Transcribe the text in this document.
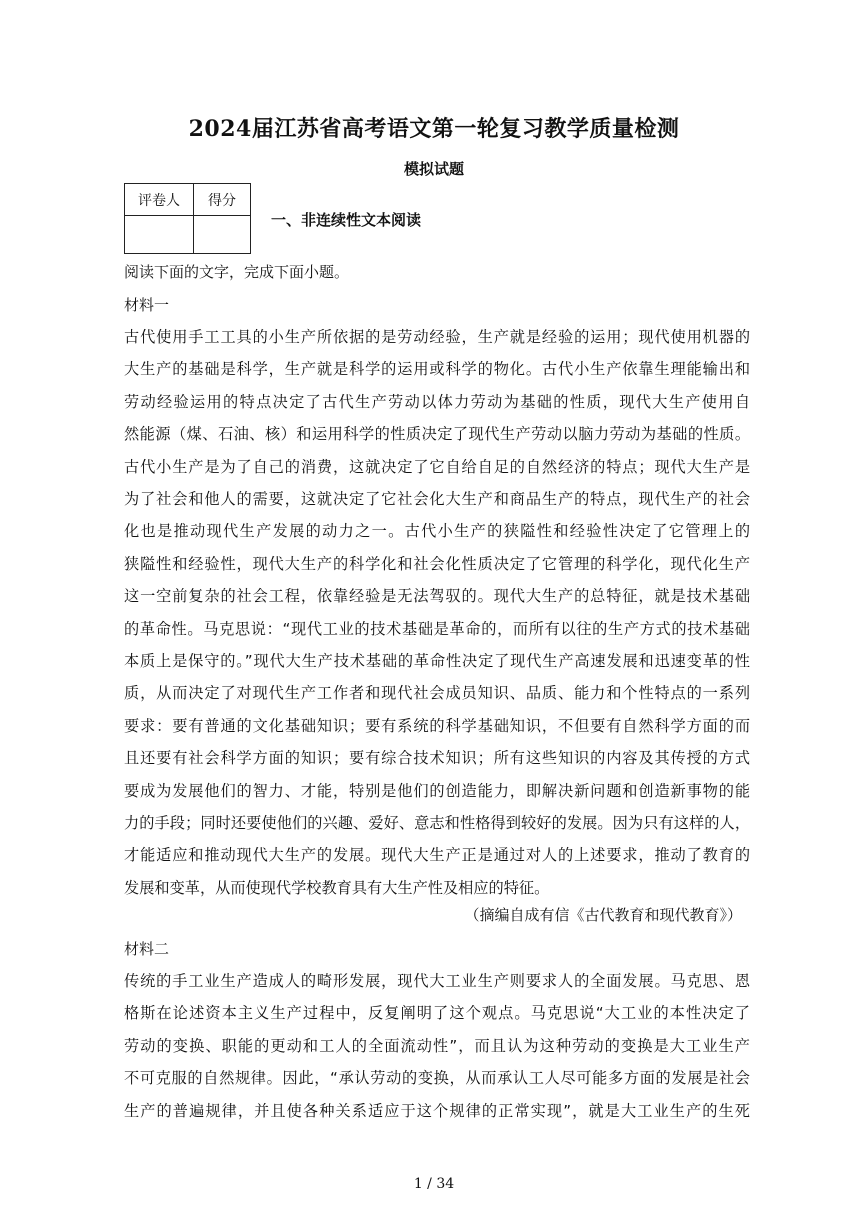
2024届江苏省高考语文第一轮复习教学质量检测
模拟试题
评卷人	得分

一、非连续性文本阅读
阅读下面的文字，完成下面小题。
材料一
古代使用手工工具的小生产所依据的是劳动经验，生产就是经验的运用；现代使用机器的
大生产的基础是科学，生产就是科学的运用或科学的物化。古代小生产依靠生理能输出和
劳动经验运用的特点决定了古代生产劳动以体力劳动为基础的性质，现代大生产使用自
然能源（煤、石油、核）和运用科学的性质决定了现代生产劳动以脑力劳动为基础的性质。
古代小生产是为了自己的消费，这就决定了它自给自足的自然经济的特点；现代大生产是
为了社会和他人的需要，这就决定了它社会化大生产和商品生产的特点，现代生产的社会
化也是推动现代生产发展的动力之一。古代小生产的狭隘性和经验性决定了它管理上的
狭隘性和经验性，现代大生产的科学化和社会化性质决定了它管理的科学化，现代化生产
这一空前复杂的社会工程，依靠经验是无法驾驭的。现代大生产的总特征，就是技术基础
的革命性。马克思说：“现代工业的技术基础是革命的，而所有以往的生产方式的技术基础
本质上是保守的。”现代大生产技术基础的革命性决定了现代生产高速发展和迅速变革的性
质，从而决定了对现代生产工作者和现代社会成员知识、品质、能力和个性特点的一系列
要求：要有普通的文化基础知识；要有系统的科学基础知识，不但要有自然科学方面的而
且还要有社会科学方面的知识；要有综合技术知识；所有这些知识的内容及其传授的方式
要成为发展他们的智力、才能，特别是他们的创造能力，即解决新问题和创造新事物的能
力的手段；同时还要使他们的兴趣、爱好、意志和性格得到较好的发展。因为只有这样的人，
才能适应和推动现代大生产的发展。现代大生产正是通过对人的上述要求，推动了教育的
发展和变革，从而使现代学校教育具有大生产性及相应的特征。
（摘编自成有信《古代教育和现代教育》）
材料二
传统的手工业生产造成人的畸形发展，现代大工业生产则要求人的全面发展。马克思、恩
格斯在论述资本主义生产过程中，反复阐明了这个观点。马克思说“大工业的本性决定了
劳动的变换、职能的更动和工人的全面流动性”，而且认为这种劳动的变换是大工业生产
不可克服的自然规律。因此，“承认劳动的变换，从而承认工人尽可能多方面的发展是社会
生产的普遍规律，并且使各种关系适应于这个规律的正常实现”，就是大工业生产的生死
1 / 34
